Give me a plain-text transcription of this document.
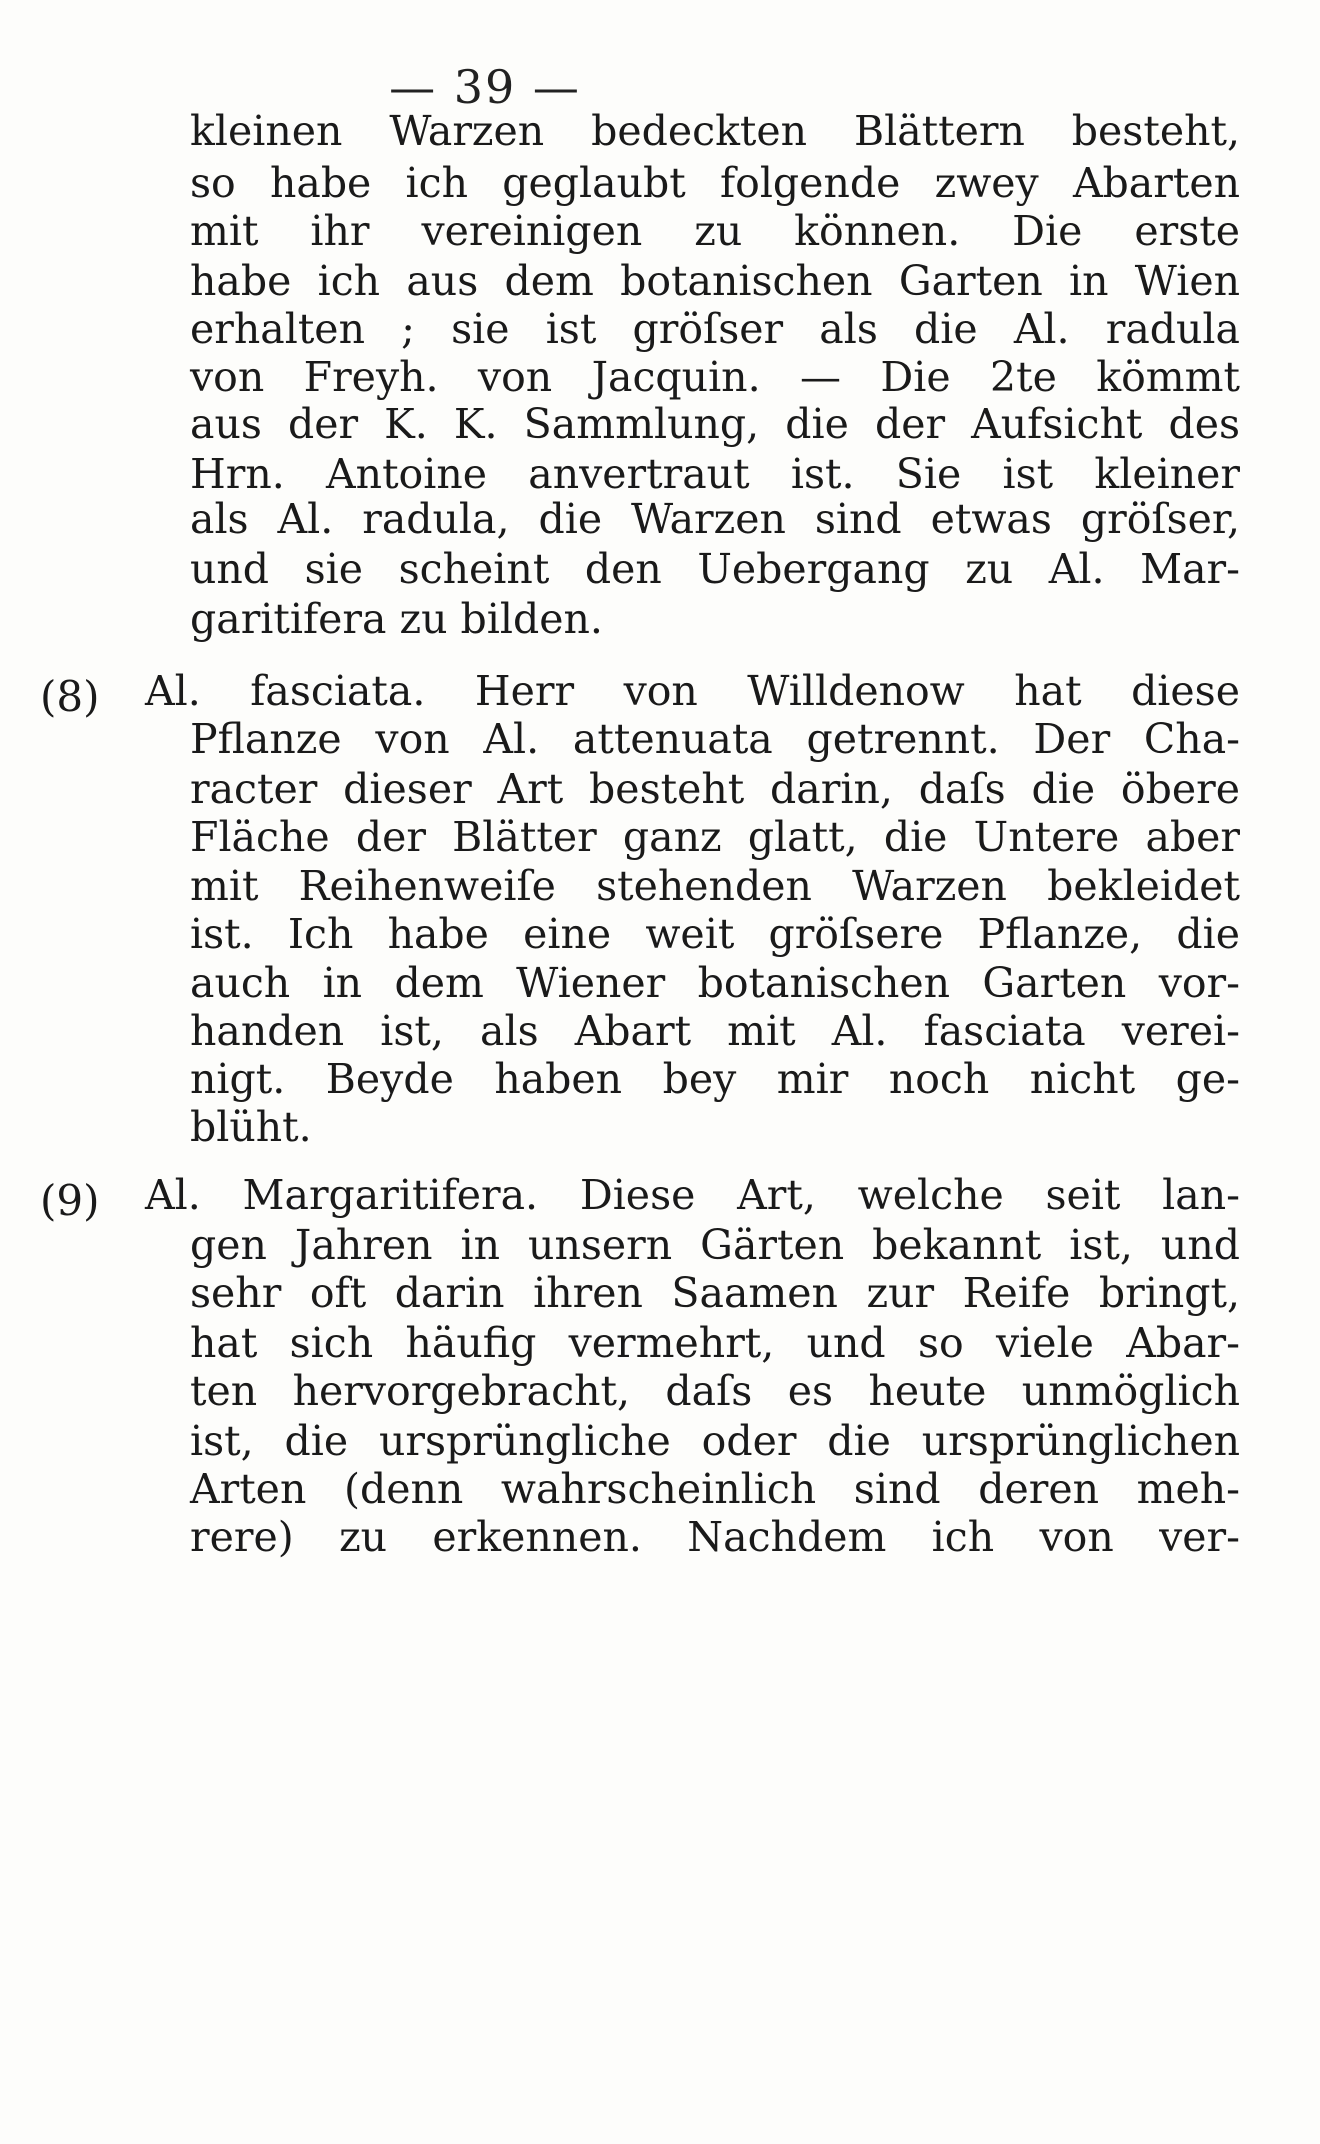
— 39 —
kleinen Warzen bedeckten Blättern besteht,
so habe ich geglaubt folgende zwey Abarten
mit ihr vereinigen zu können. Die erste
habe ich aus dem botanischen Garten in Wien
erhalten ; sie ist gröſser als die Al. radula
von Freyh. von Jacquin. — Die 2te kömmt
aus der K. K. Sammlung, die der Aufsicht des
Hrn. Antoine anvertraut ist. Sie ist kleiner
als Al. radula, die Warzen sind etwas gröſser,
und sie scheint den Uebergang zu Al. Mar-
garitifera zu bilden.
(8) Al. fasciata. Herr von Willdenow hat diese
Pflanze von Al. attenuata getrennt. Der Cha-
racter dieser Art besteht darin, daſs die öbere
Fläche der Blätter ganz glatt, die Untere aber
mit Reihenweiſe stehenden Warzen bekleidet
ist. Ich habe eine weit gröſsere Pflanze, die
auch in dem Wiener botanischen Garten vor-
handen ist, als Abart mit Al. fasciata verei-
nigt. Beyde haben bey mir noch nicht ge-
blüht.
(9) Al. Margaritifera. Diese Art, welche seit lan-
gen Jahren in unsern Gärten bekannt ist, und
sehr oft darin ihren Saamen zur Reife bringt,
hat sich häufig vermehrt, und so viele Abar-
ten hervorgebracht, daſs es heute unmöglich
ist, die ursprüngliche oder die ursprünglichen
Arten (denn wahrscheinlich sind deren meh-
rere) zu erkennen. Nachdem ich von ver-
